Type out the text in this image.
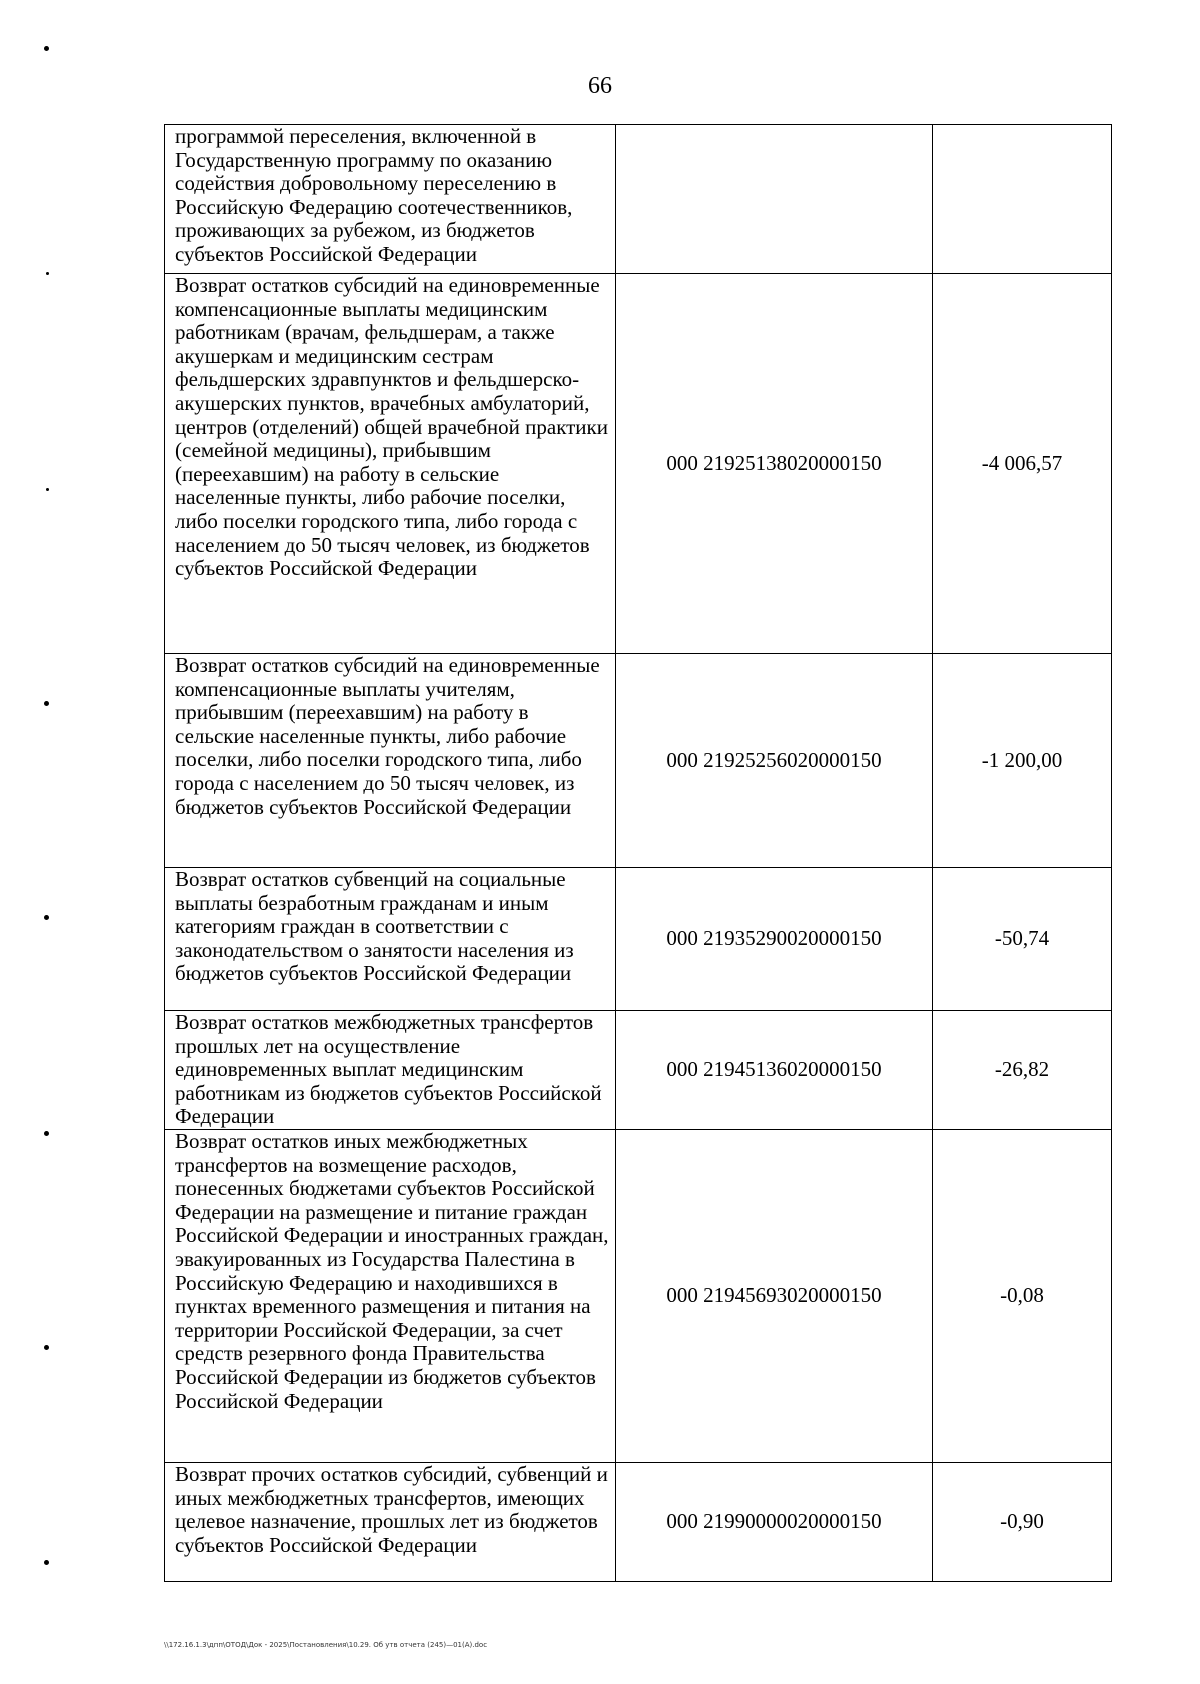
66
программой переселения, включенной в Государственную программу по оказанию содействия добровольному переселению в Российскую Федерацию соотечественников, проживающих за рубежом, из бюджетов субъектов Российской Федерации		
Возврат остатков субсидий на единовременные компенсационные выплаты медицинским работникам (врачам, фельдшерам, а также акушеркам и медицинским сестрам фельдшерских здравпунктов и фельдшерско-акушерских пунктов, врачебных амбулаторий, центров (отделений) общей врачебной практики (семейной медицины), прибывшим (переехавшим) на работу в сельские населенные пункты, либо рабочие поселки, либо поселки городского типа, либо города с населением до 50 тысяч человек, из бюджетов субъектов Российской Федерации	000 21925138020000150	-4 006,57
Возврат остатков субсидий на единовременные компенсационные выплаты учителям, прибывшим (переехавшим) на работу в сельские населенные пункты, либо рабочие поселки, либо поселки городского типа, либо города с населением до 50 тысяч человек, из бюджетов субъектов Российской Федерации	000 21925256020000150	-1 200,00
Возврат остатков субвенций на социальные выплаты безработным гражданам и иным категориям граждан в соответствии с законодательством о занятости населения из бюджетов субъектов Российской Федерации	000 21935290020000150	-50,74
Возврат остатков межбюджетных трансфертов прошлых лет на осуществление единовременных выплат медицинским работникам из бюджетов субъектов Российской Федерации	000 21945136020000150	-26,82
Возврат остатков иных межбюджетных трансфертов на возмещение расходов, понесенных бюджетами субъектов Российской Федерации на размещение и питание граждан Российской Федерации и иностранных граждан, эвакуированных из Государства Палестина в Российскую Федерацию и находившихся в пунктах временного размещения и питания на территории Российской Федерации, за счет средств резервного фонда Правительства Российской Федерации из бюджетов субъектов Российской Федерации	000 21945693020000150	-0,08
Возврат прочих остатков субсидий, субвенций и иных межбюджетных трансфертов, имеющих целевое назначение, прошлых лет из бюджетов субъектов Российской Федерации	000 21990000020000150	-0,90
\\172.16.1.3\дпп\ОТОД\Док - 2025\Постановления\10.29. Об утв отчета (245)—01(А).doc
